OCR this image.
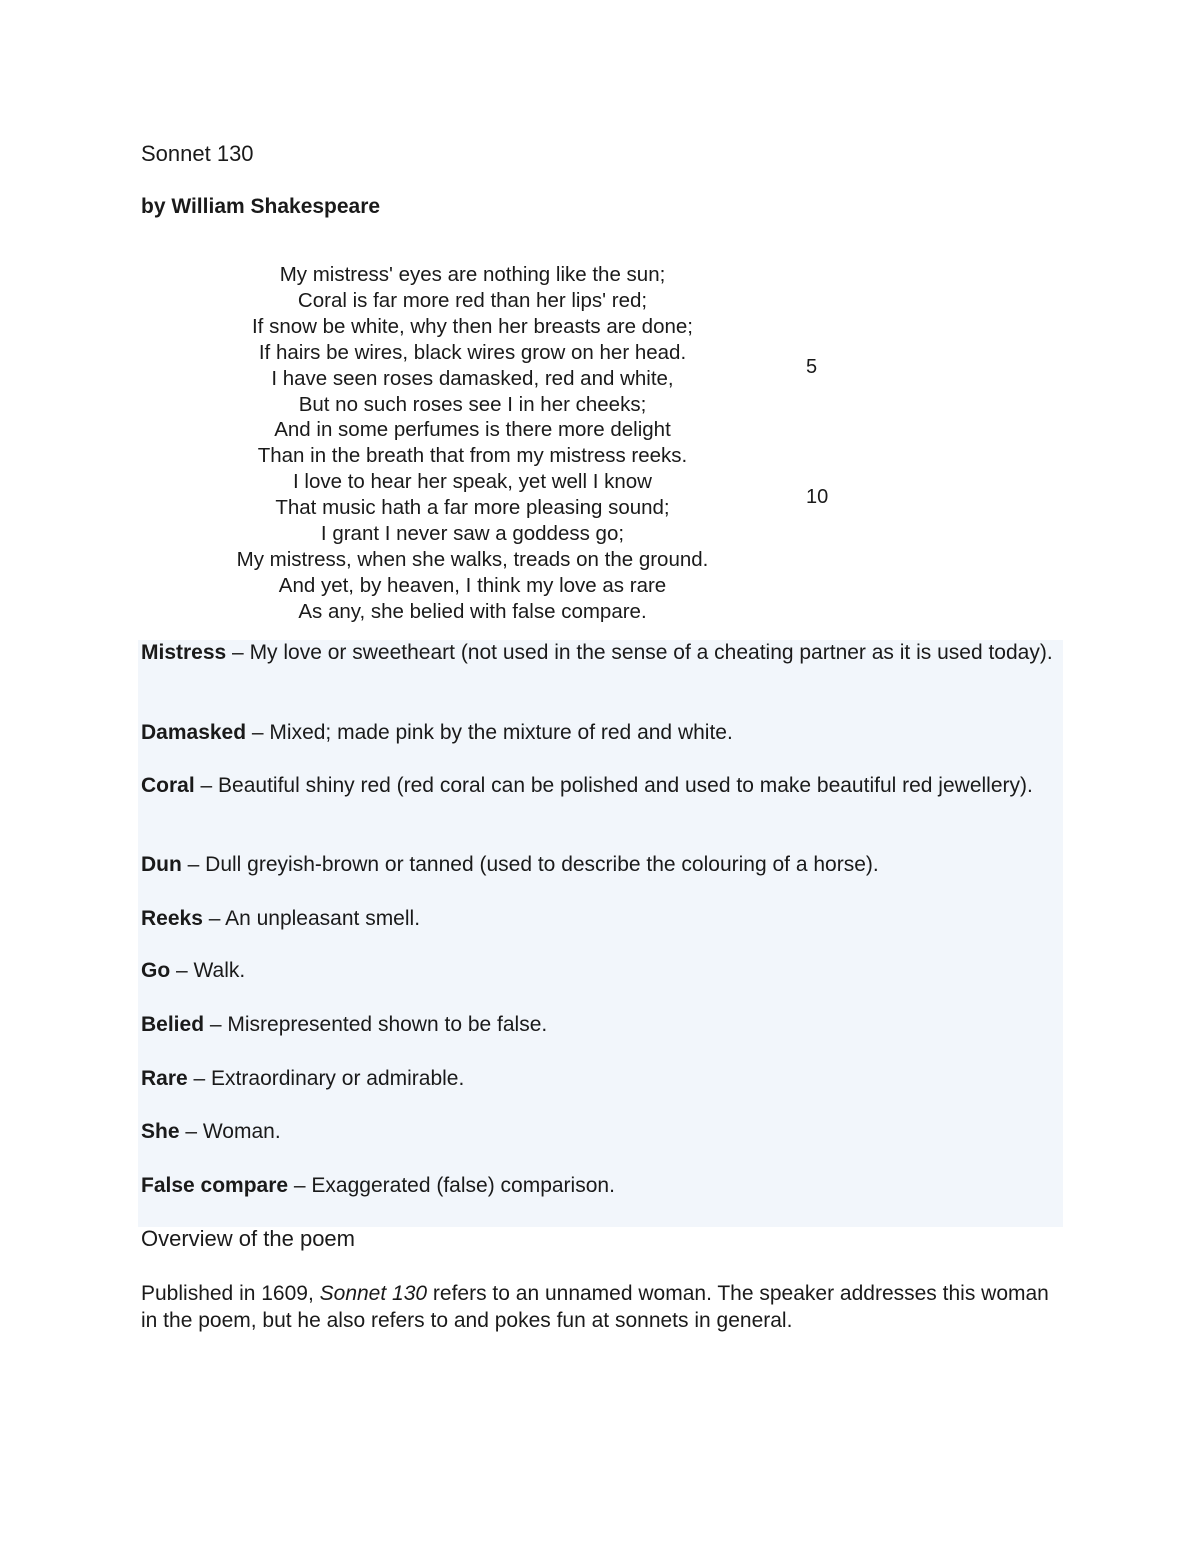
Sonnet 130
by William Shakespeare
My mistress' eyes are nothing like the sun;
Coral is far more red than her lips' red;
If snow be white, why then her breasts are done;
If hairs be wires, black wires grow on her head.
I have seen roses damasked, red and white,
But no such roses see I in her cheeks;
And in some perfumes is there more delight
Than in the breath that from my mistress reeks.
I love to hear her speak, yet well I know
That music hath a far more pleasing sound;
I grant I never saw a goddess go;
My mistress, when she walks, treads on the ground.
And yet, by heaven, I think my love as rare
As any, she belied with false compare.
5
10
Mistress – My love or sweetheart (not used in the sense of a cheating partner as it is used today).
Damasked – Mixed; made pink by the mixture of red and white.
Coral – Beautiful shiny red (red coral can be polished and used to make beautiful red jewellery).
Dun – Dull greyish-brown or tanned (used to describe the colouring of a horse).
Reeks – An unpleasant smell.
Go – Walk.
Belied – Misrepresented shown to be false.
Rare – Extraordinary or admirable.
She – Woman.
False compare – Exaggerated (false) comparison.
Overview of the poem
Published in 1609, Sonnet 130 refers to an unnamed woman. The speaker addresses this woman in the poem, but he also refers to and pokes fun at sonnets in general.
